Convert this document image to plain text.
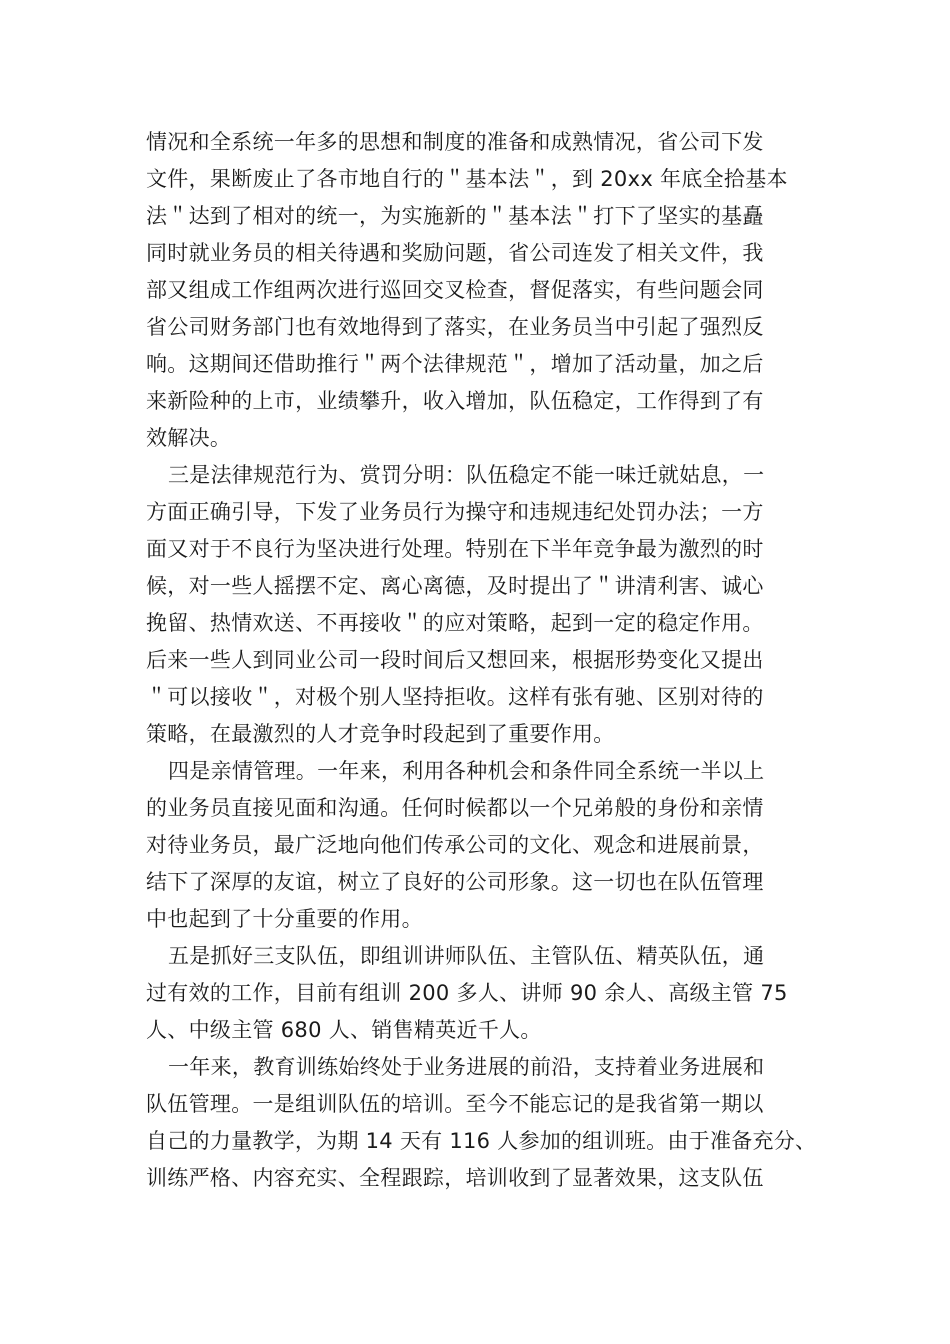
情况和全系统一年多的思想和制度的准备和成熟情况，省公司下发
文件，果断废止了各市地自行的＂基本法＂，到 20xx 年底全拾基本
法＂达到了相对的统一，为实施新的＂基本法＂打下了坚实的基矗
同时就业务员的相关待遇和奖励问题，省公司连发了相关文件，我
部又组成工作组两次进行巡回交叉检查，督促落实，有些问题会同
省公司财务部门也有效地得到了落实，在业务员当中引起了强烈反
响。这期间还借助推行＂两个法律规范＂，增加了活动量，加之后
来新险种的上市，业绩攀升，收入增加，队伍稳定，工作得到了有
效解决。
三是法律规范行为、赏罚分明：队伍稳定不能一味迁就姑息，一
方面正确引导，下发了业务员行为操守和违规违纪处罚办法；一方
面又对于不良行为坚决进行处理。特别在下半年竞争最为激烈的时
候，对一些人摇摆不定、离心离德，及时提出了＂讲清利害、诚心
挽留、热情欢送、不再接收＂的应对策略，起到一定的稳定作用。
后来一些人到同业公司一段时间后又想回来，根据形势变化又提出
＂可以接收＂，对极个别人坚持拒收。这样有张有驰、区别对待的
策略，在最激烈的人才竞争时段起到了重要作用。
四是亲情管理。一年来，利用各种机会和条件同全系统一半以上
的业务员直接见面和沟通。任何时候都以一个兄弟般的身份和亲情
对待业务员，最广泛地向他们传承公司的文化、观念和进展前景，
结下了深厚的友谊，树立了良好的公司形象。这一切也在队伍管理
中也起到了十分重要的作用。
五是抓好三支队伍，即组训讲师队伍、主管队伍、精英队伍，通
过有效的工作，目前有组训 200 多人、讲师 90 余人、高级主管 75
人、中级主管 680 人、销售精英近千人。
一年来，教育训练始终处于业务进展的前沿，支持着业务进展和
队伍管理。一是组训队伍的培训。至今不能忘记的是我省第一期以
自己的力量教学，为期 14 天有 116 人参加的组训班。由于准备充分、
训练严格、内容充实、全程跟踪，培训收到了显著效果，这支队伍
